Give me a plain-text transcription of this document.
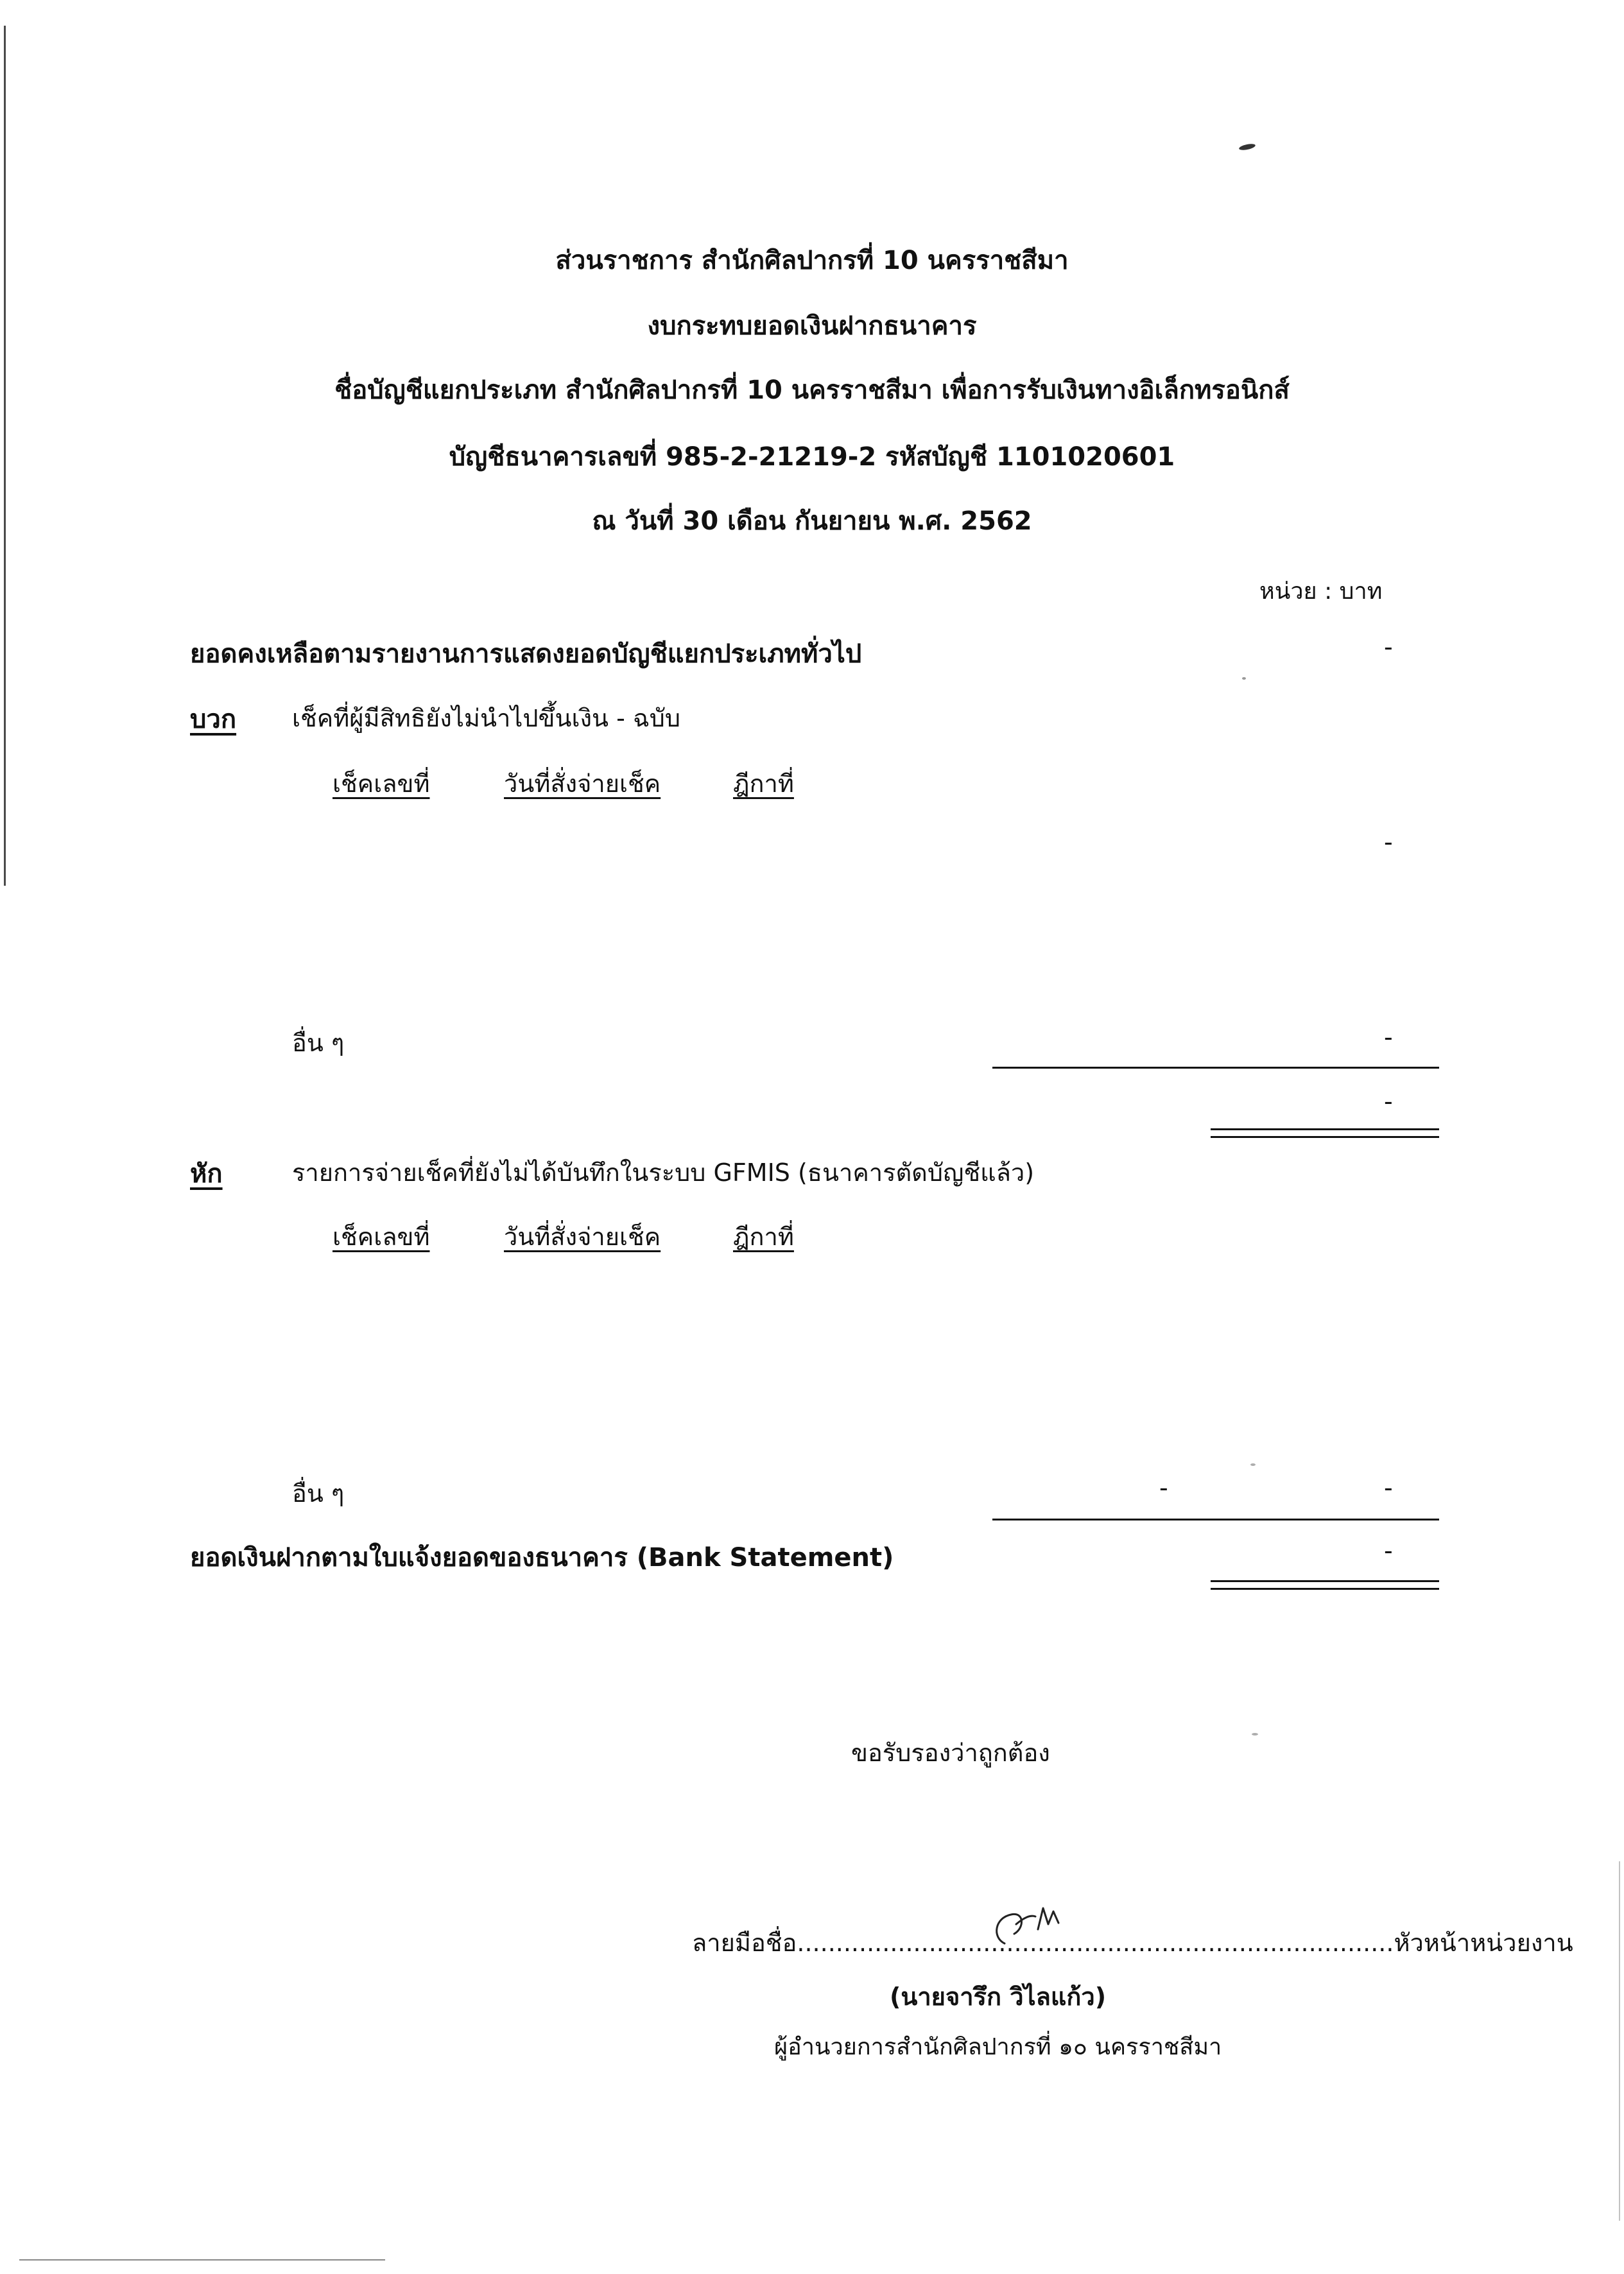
ส่วนราชการ สำนักศิลปากรที่ 10 นครราชสีมา
งบกระทบยอดเงินฝากธนาคาร
ชื่อบัญชีแยกประเภท สำนักศิลปากรที่ 10 นครราชสีมา เพื่อการรับเงินทางอิเล็กทรอนิกส์
บัญชีธนาคารเลขที่ 985-2-21219-2 รหัสบัญชี 1101020601
ณ วันที่ 30 เดือน กันยายน พ.ศ. 2562
หน่วย : บาท
ยอดคงเหลือตามรายงานการแสดงยอดบัญชีแยกประเภททั่วไป	-
บวก เช็คที่ผู้มีสิทธิยังไม่นำไปขึ้นเงิน - ฉบับ
เช็คเลขที่	วันที่สั่งจ่ายเช็ค	ฎีกาที่
-
อื่น ๆ	-
-
หัก	รายการจ่ายเช็คที่ยังไม่ได้บันทึกในระบบ GFMIS (ธนาคารตัดบัญชีแล้ว)
เช็คเลขที่	วันที่สั่งจ่ายเช็ค	ฎีกาที่
อื่น ๆ	-	-
ยอดเงินฝากตามใบแจ้งยอดของธนาคาร (Bank Statement)	-
ขอรับรองว่าถูกต้อง
ลายมือชื่อ.............................................................................หัวหน้าหน่วยงาน
(นายจารึก วิไลแก้ว)
ผู้อำนวยการสำนักศิลปากรที่ ๑๐ นครราชสีมา
